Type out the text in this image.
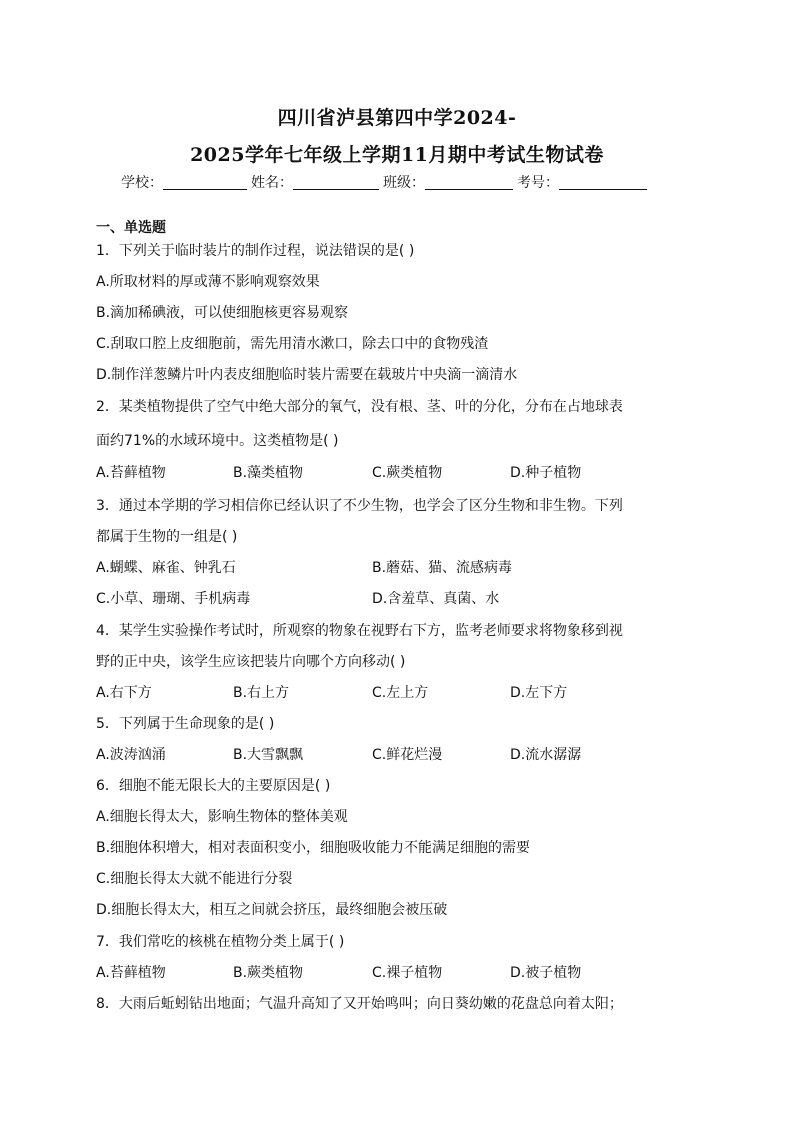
四川省泸县第四中学2024-
2025学年七年级上学期11月期中考试生物试卷
学校：	姓名：	班级：	考号：
一、单选题
1．下列关于临时装片的制作过程，说法错误的是( )
A.所取材料的厚或薄不影响观察效果
B.滴加稀碘液，可以使细胞核更容易观察
C.刮取口腔上皮细胞前，需先用清水漱口，除去口中的食物残渣
D.制作洋葱鳞片叶内表皮细胞临时装片需要在载玻片中央滴一滴清水
2．某类植物提供了空气中绝大部分的氧气，没有根、茎、叶的分化，分布在占地球表
面约71%的水域环境中。这类植物是( )
A.苔藓植物	B.藻类植物	C.蕨类植物	D.种子植物
3．通过本学期的学习相信你已经认识了不少生物，也学会了区分生物和非生物。下列
都属于生物的一组是( )
A.蝴蝶、麻雀、钟乳石	B.蘑菇、猫、流感病毒
C.小草、珊瑚、手机病毒	D.含羞草、真菌、水
4．某学生实验操作考试时，所观察的物象在视野右下方，监考老师要求将物象移到视
野的正中央，该学生应该把装片向哪个方向移动( )
A.右下方	B.右上方	C.左上方	D.左下方
5．下列属于生命现象的是( )
A.波涛汹涌	B.大雪飘飘	C.鲜花烂漫	D.流水潺潺
6．细胞不能无限长大的主要原因是( )
A.细胞长得太大，影响生物体的整体美观
B.细胞体积增大，相对表面积变小，细胞吸收能力不能满足细胞的需要
C.细胞长得太大就不能进行分裂
D.细胞长得太大，相互之间就会挤压，最终细胞会被压破
7．我们常吃的核桃在植物分类上属于( )
A.苔藓植物	B.蕨类植物	C.裸子植物	D.被子植物
8．大雨后蚯蚓钻出地面；气温升高知了又开始鸣叫；向日葵幼嫩的花盘总向着太阳；
